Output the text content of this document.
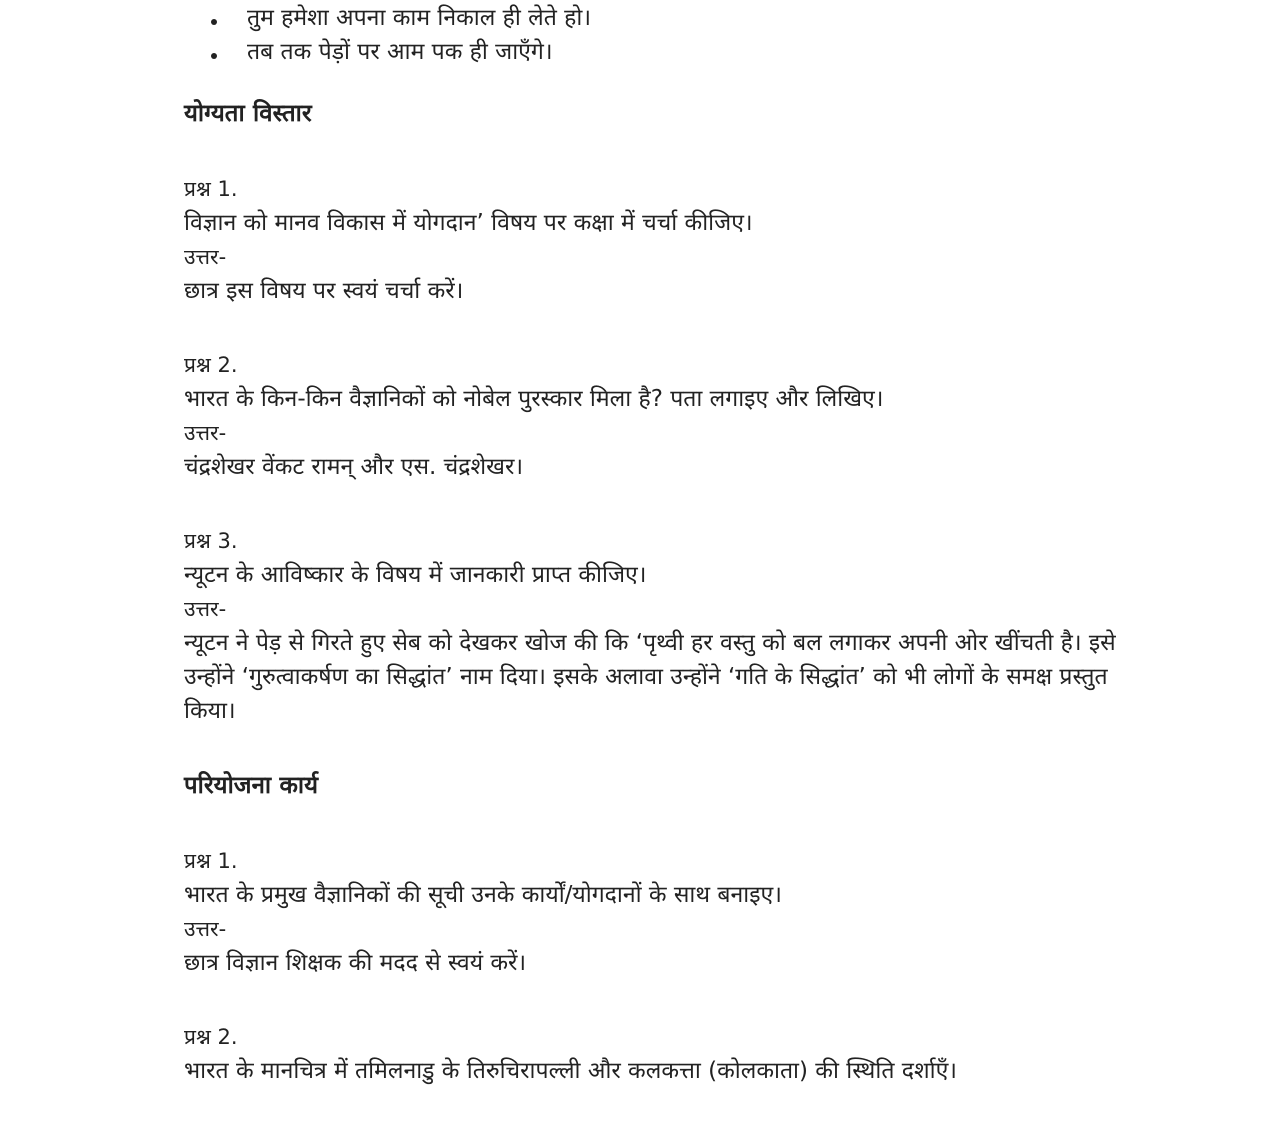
तुम हमेशा अपना काम निकाल ही लेते हो।
तब तक पेड़ों पर आम पक ही जाएँगे।
योग्यता विस्तार

प्रश्न 1.

विज्ञान को मानव विकास में योगदान’ विषय पर कक्षा में चर्चा कीजिए।

उत्तर-

छात्र इस विषय पर स्वयं चर्चा करें।

प्रश्न 2.

भारत के किन-किन वैज्ञानिकों को नोबेल पुरस्कार मिला है? पता लगाइए और लिखिए।

उत्तर-

चंद्रशेखर वेंकट रामन् और एस. चंद्रशेखर।

प्रश्न 3.

न्यूटन के आविष्कार के विषय में जानकारी प्राप्त कीजिए।

उत्तर-

न्यूटन ने पेड़ से गिरते हुए सेब को देखकर खोज की कि ‘पृथ्वी हर वस्तु को बल लगाकर अपनी ओर खींचती है। इसे उन्होंने ‘गुरुत्वाकर्षण का सिद्धांत’ नाम दिया। इसके अलावा उन्होंने ‘गति के सिद्धांत’ को भी लोगों के समक्ष प्रस्तुत किया।

परियोजना कार्य

प्रश्न 1.

भारत के प्रमुख वैज्ञानिकों की सूची उनके कार्यों/योगदानों के साथ बनाइए।

उत्तर-

छात्र विज्ञान शिक्षक की मदद से स्वयं करें।

प्रश्न 2.

भारत के मानचित्र में तमिलनाडु के तिरुचिरापल्ली और कलकत्ता (कोलकाता) की स्थिति दर्शाएँ।
